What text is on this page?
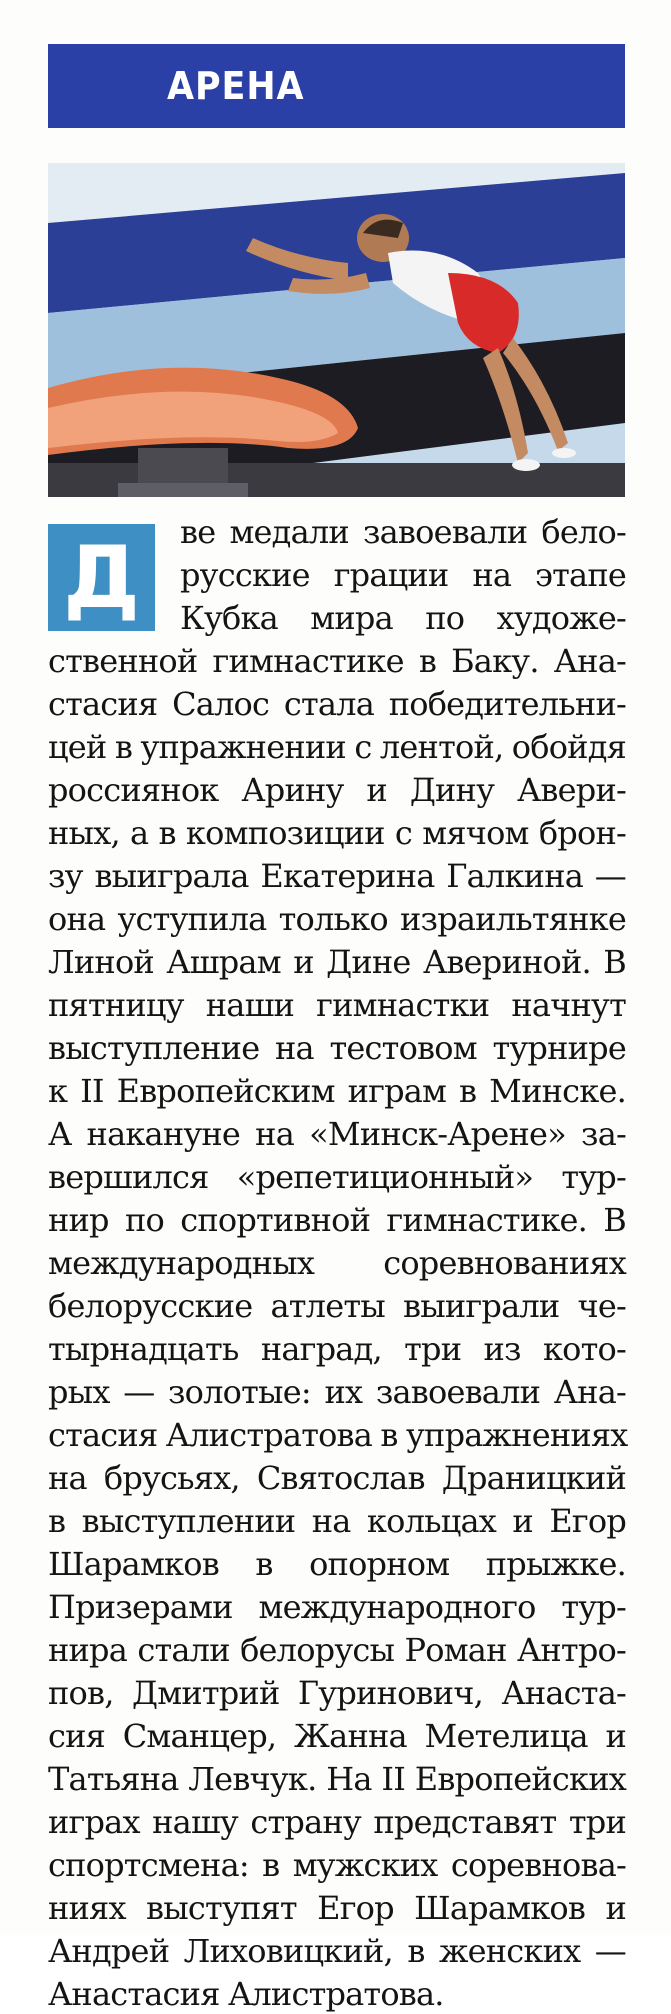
АРЕНА
Д	ве медали завоевали бело-
русские грации на этапе
Кубка мира по художе-
ственной гимнастике в Баку. Ана-
стасия Салос стала победительни-
цей в упражнении с лентой, обойдя
россиянок Арину и Дину Авери-
ных, а в композиции с мячом брон-
зу выиграла Екатерина Галкина —
она уступила только израильтянке
Линой Ашрам и Дине Авериной. В
пятницу наши гимнастки начнут
выступление на тестовом турнире
к II Европейским играм в Минске.
А накануне на «Минск-Арене» за-
вершился «репетиционный» тур-
нир по спортивной гимнастике. В
международных соревнованиях
белорусские атлеты выиграли че-
тырнадцать наград, три из кото-
рых — золотые: их завоевали Ана-
стасия Алистратова в упражнениях
на брусьях, Святослав Драницкий
в выступлении на кольцах и Егор
Шарамков в опорном прыжке.
Призерами международного тур-
нира стали белорусы Роман Антро-
пов, Дмитрий Гуринович, Анаста-
сия Сманцер, Жанна Метелица и
Татьяна Левчук. На II Европейских
играх нашу страну представят три
спортсмена: в мужских соревнова-
ниях выступят Егор Шарамков и
Андрей Лиховицкий, в женских —
Анастасия Алистратова.
